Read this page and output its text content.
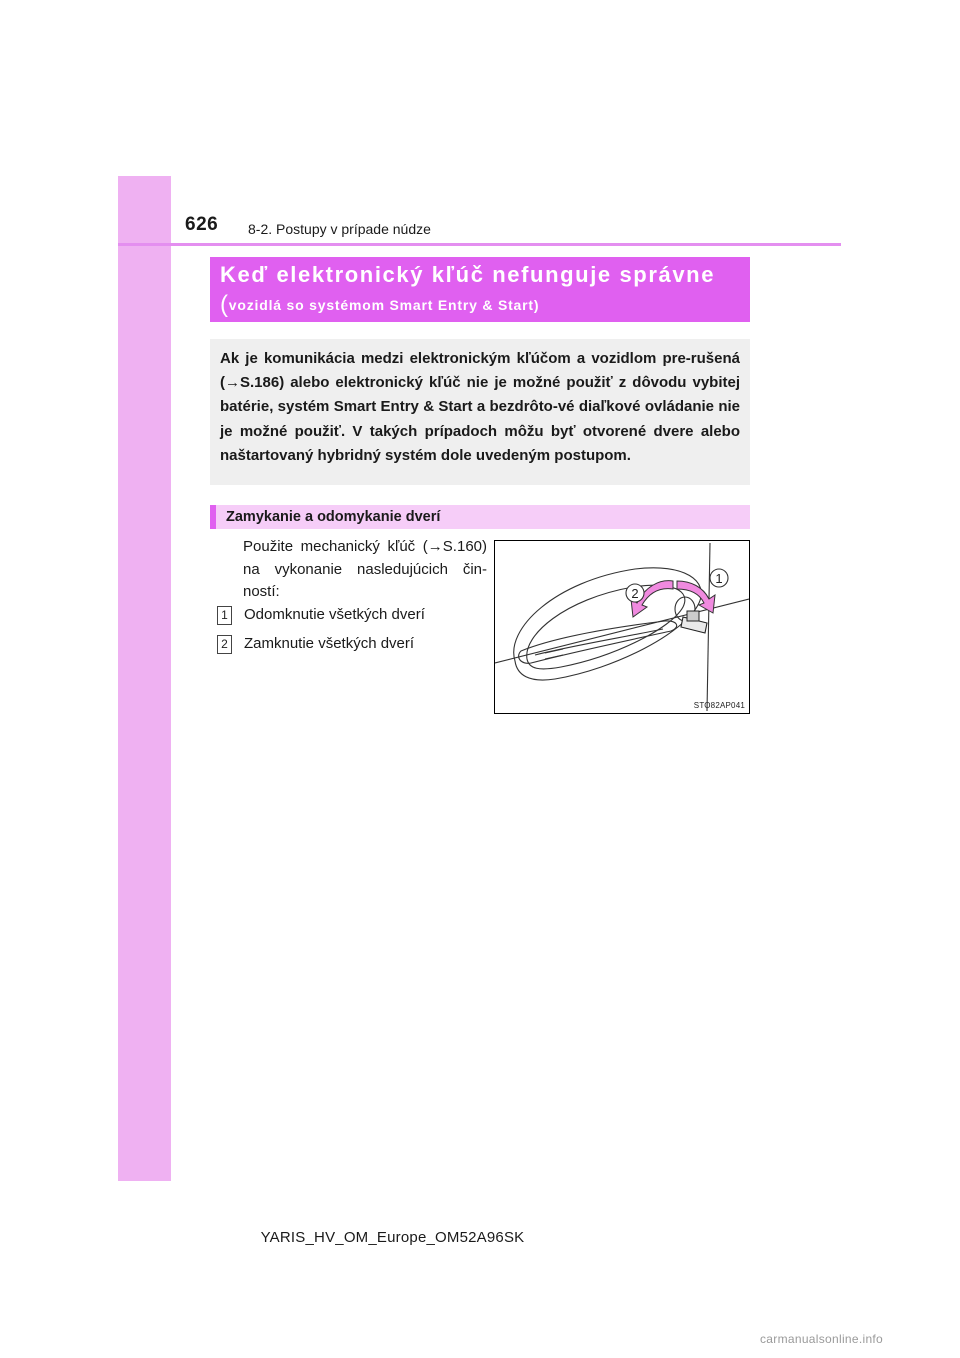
626 8-2. Postupy v prípade núdze
Keď elektronický kľúč nefunguje správne
(vozidlá so systémom Smart Entry & Start)

Ak je komunikácia medzi elektronickým kľúčom a vozidlom pre-rušená (→S.186) alebo elektronický kľúč nie je možné použiť z dôvodu vybitej batérie, systém Smart Entry & Start a bezdrôto-vé diaľkové ovládanie nie je možné použiť. V takých prípadoch môžu byť otvorené dvere alebo naštartovaný hybridný systém dole uvedeným postupom.

Zamykanie a odomykanie dverí

Použite mechanický kľúč (→S.160) na vykonanie nasledujúcich čin-ností:

1 Odomknutie všetkých dverí
2 Zamknutie všetkých dverí
1
2
STO82AP041
YARIS_HV_OM_Europe_OM52A96SK
carmanualsonline.info
